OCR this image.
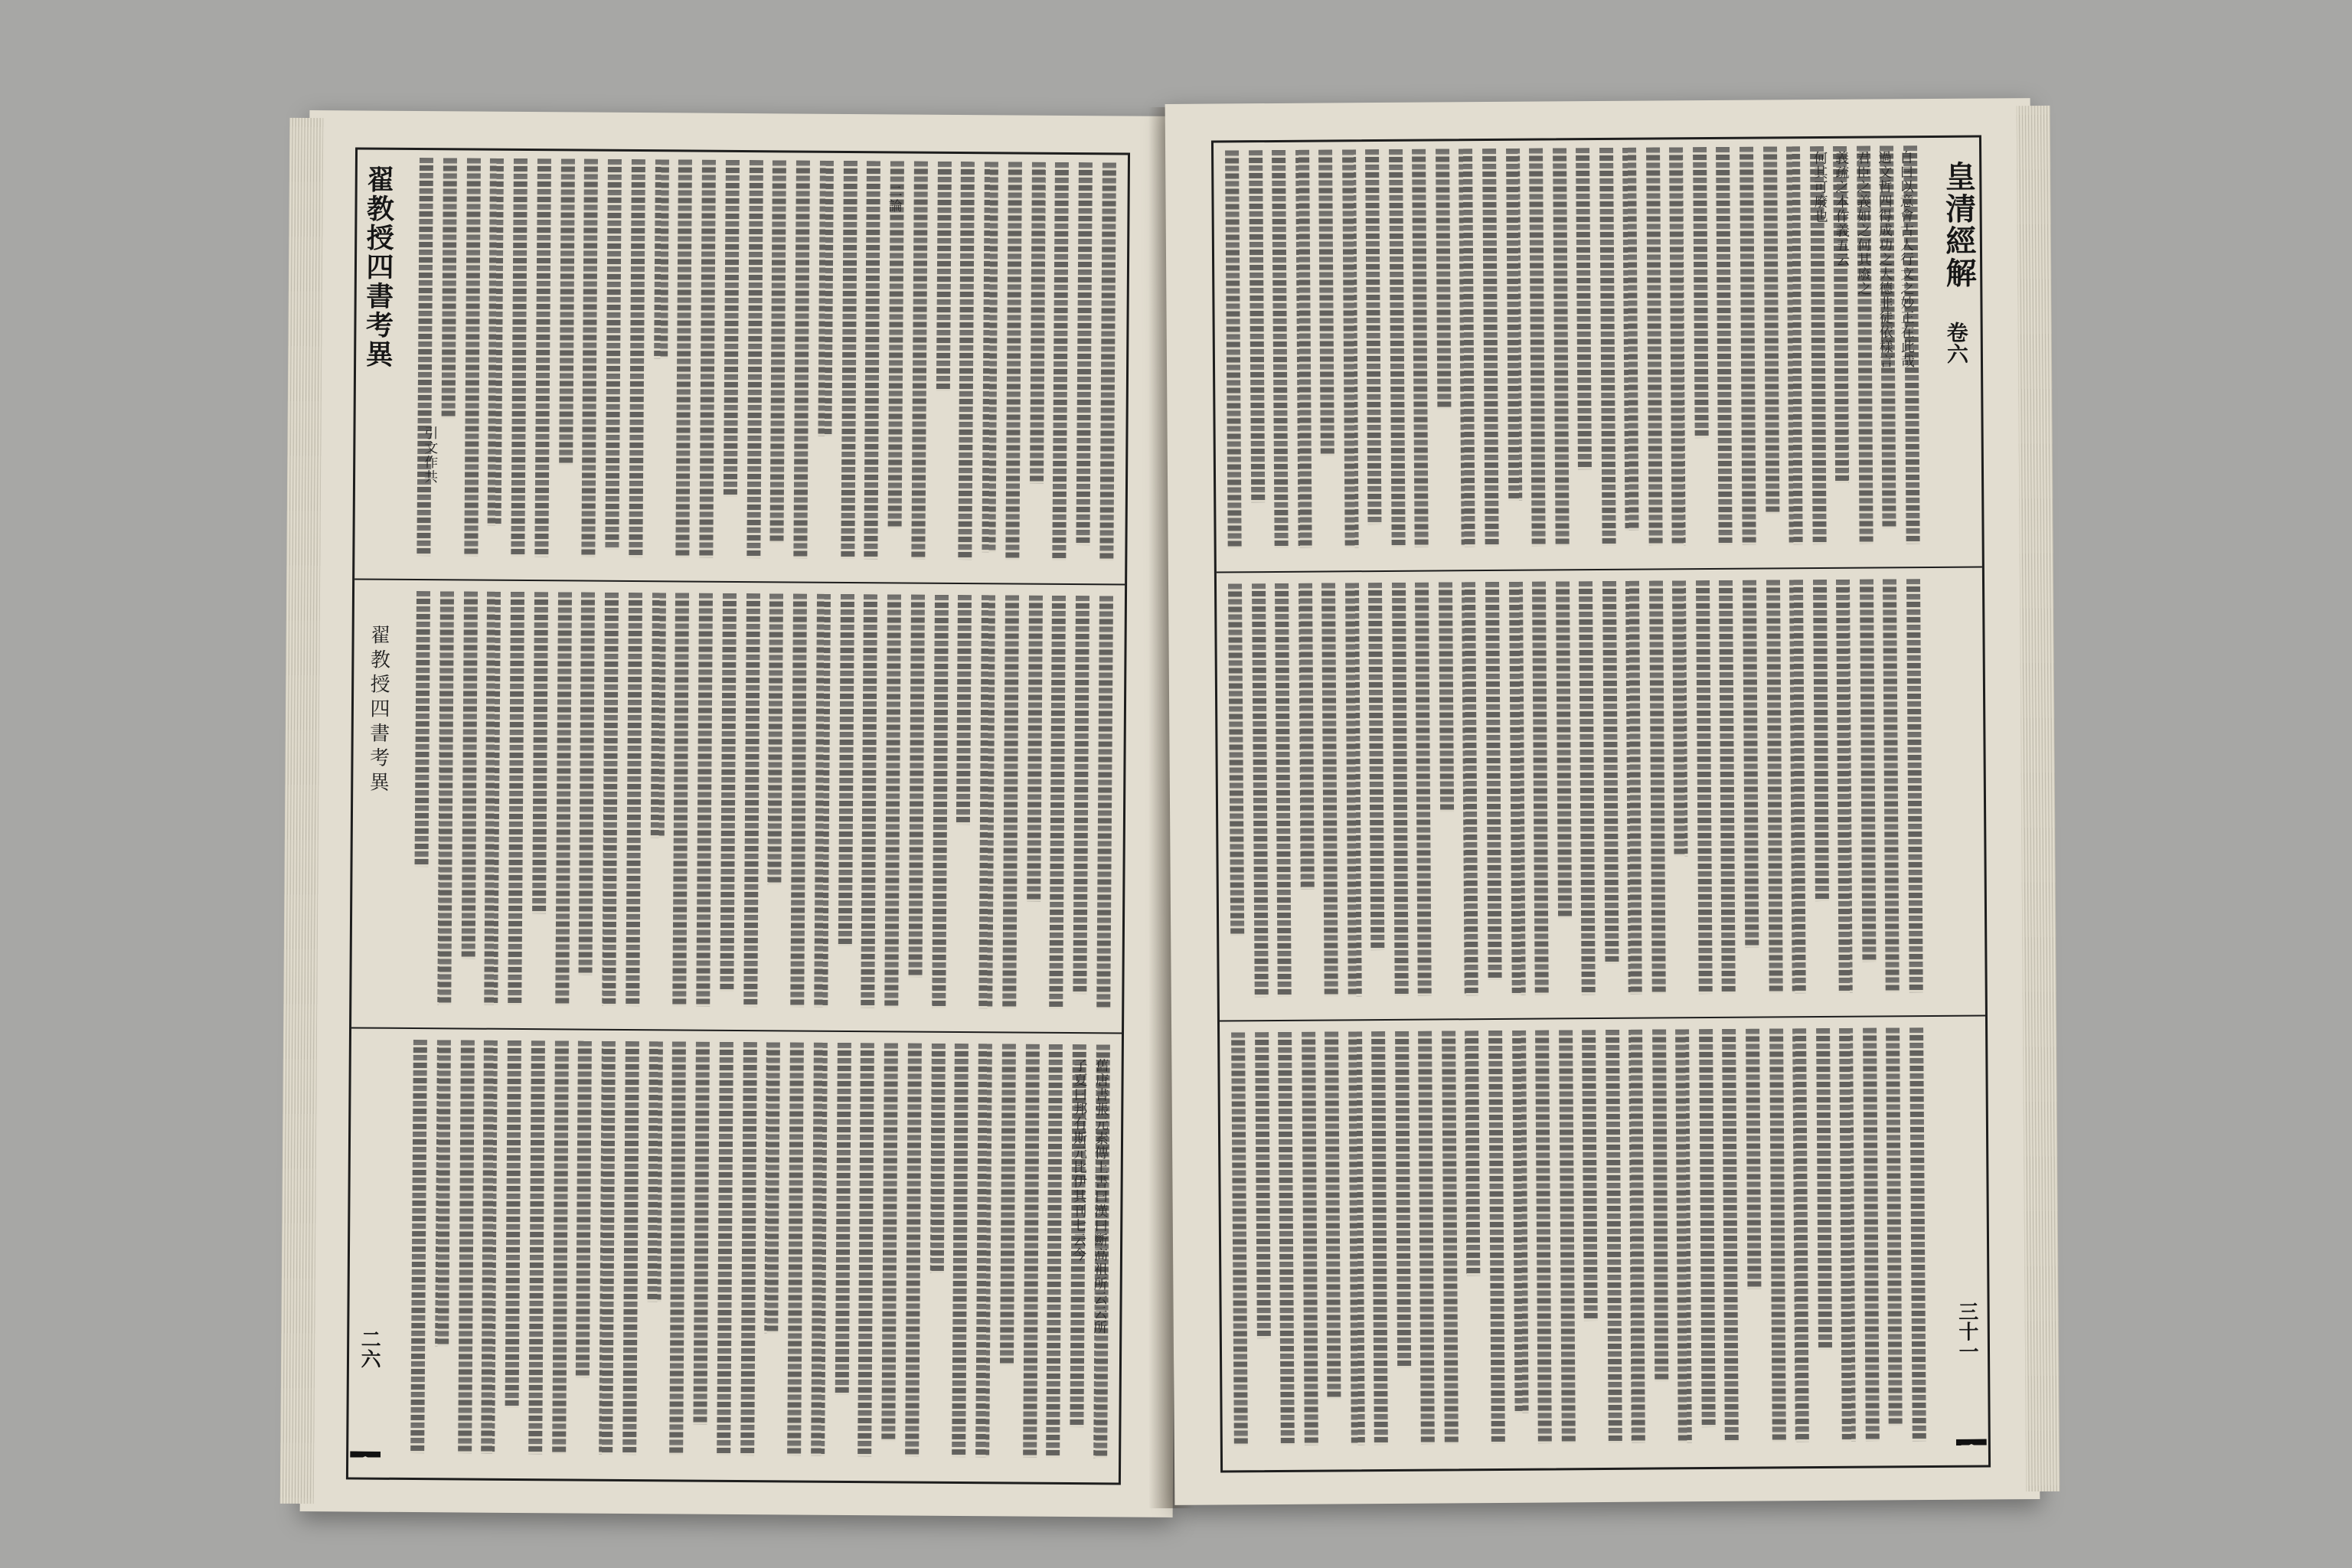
翟教授四書考異
翟教授四書考異
二六
舊唐書張元素傳上書曰漢曰斷高祖所云云所
子夏曰邦有斯元比伊其刊七云今
引文作共
二論	皇清經解
卷六
三十一
自曰以意會古人行文之妙正在此哉
過文哲四得成功之大德非徒依樣言
君臣之義如之何其廢之
義疏之本作義五云
何其可廢也
